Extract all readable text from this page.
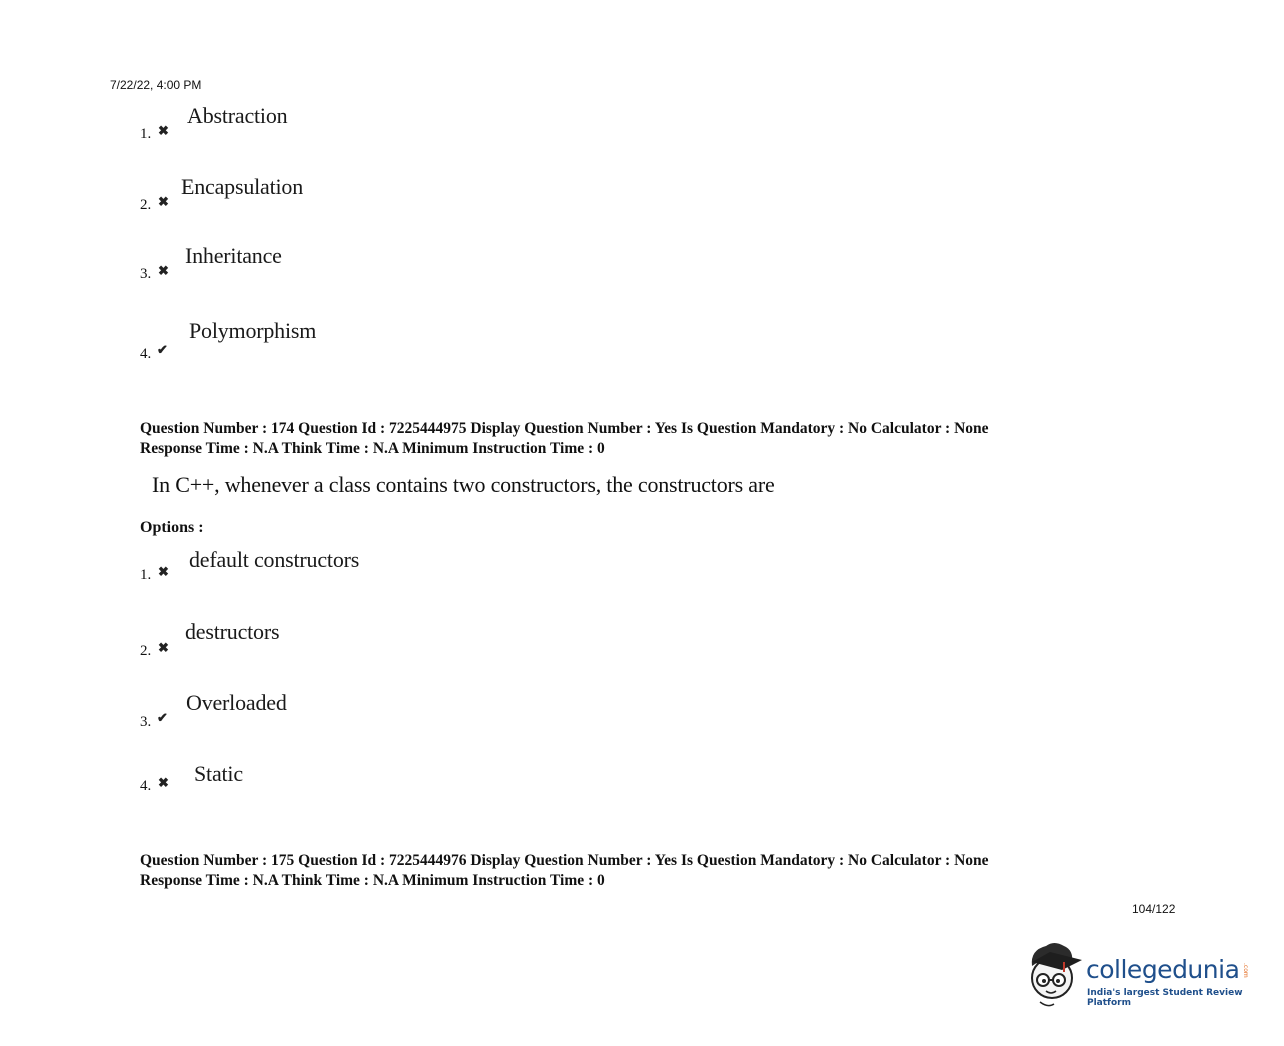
7/22/22, 4:00 PM
1. ✖
Abstraction
2. ✖
Encapsulation
3. ✖
Inheritance
4. ✔
Polymorphism
Question Number : 174 Question Id : 7225444975 Display Question Number : Yes Is Question Mandatory : No Calculator : None
Response Time : N.A Think Time : N.A Minimum Instruction Time : 0
In C++, whenever a class contains two constructors, the constructors are
Options :
1. ✖ default constructors
2. ✖
destructors
3. ✔
Overloaded
4. ✖ Static
Question Number : 175 Question Id : 7225444976 Display Question Number : Yes Is Question Mandatory : No Calculator : None
Response Time : N.A Think Time : N.A Minimum Instruction Time : 0
104/122
collegedunia .com
India's largest Student Review Platform
